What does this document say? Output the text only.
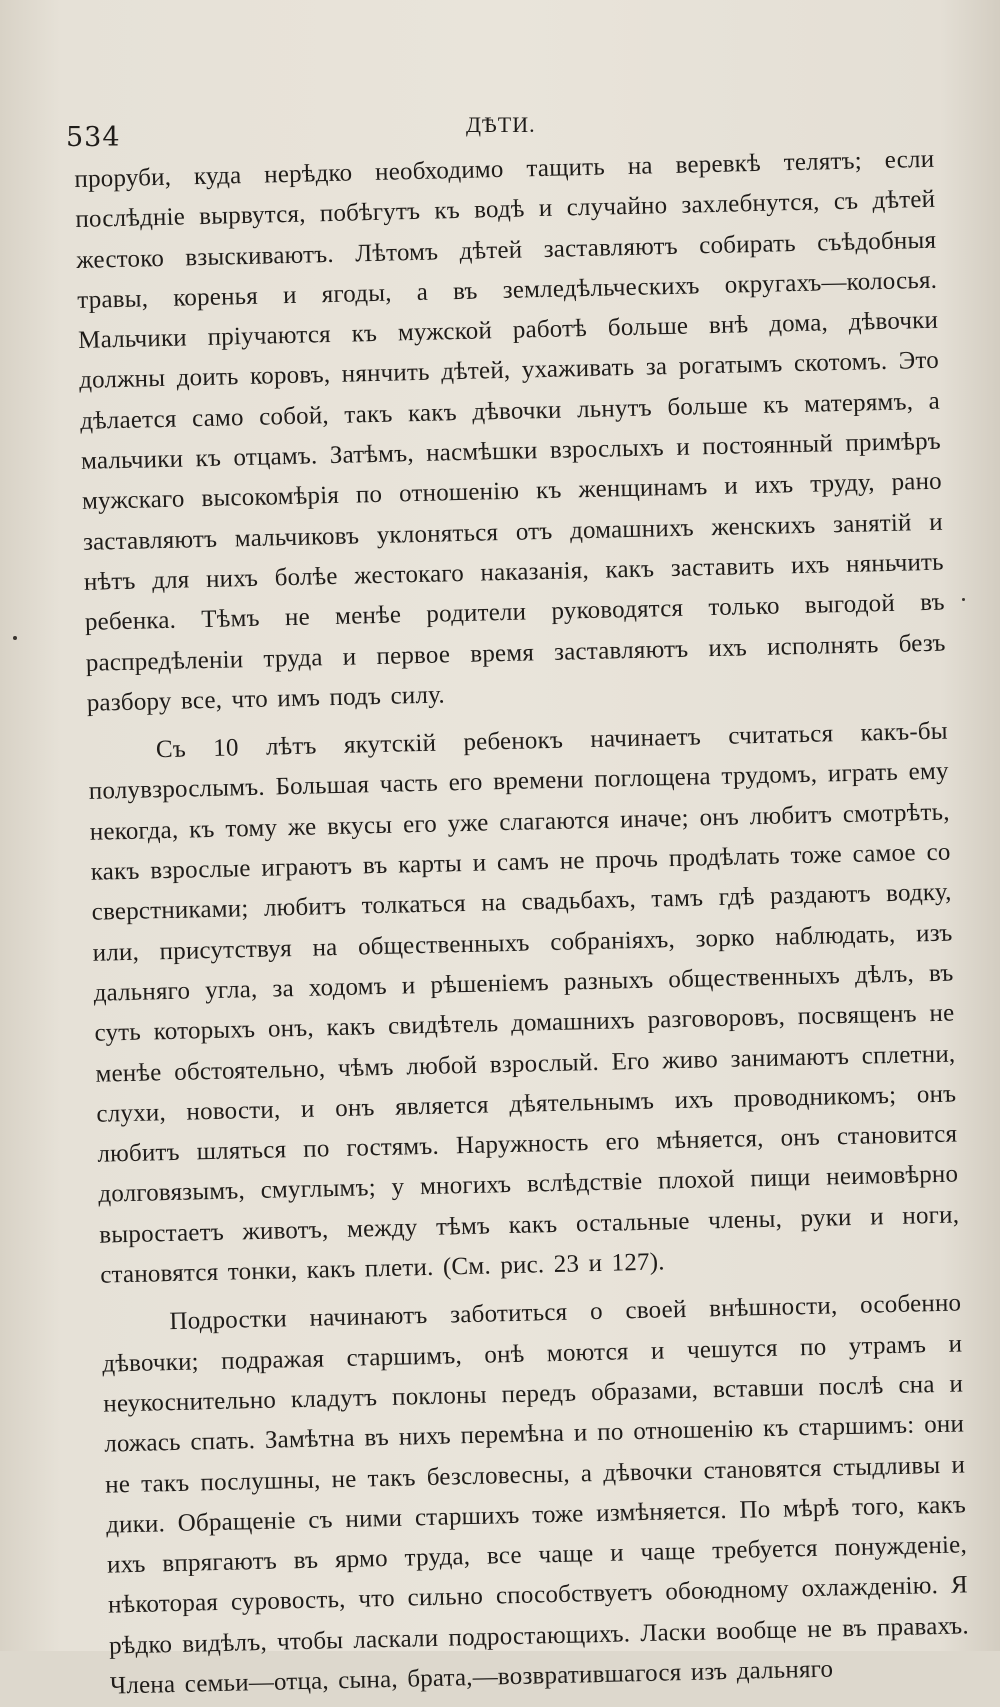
534	ДѢТИ.

проруби, куда нерѣдко необходимо тащить на веревкѣ телятъ; если послѣдніе вырвутся, побѣгутъ къ водѣ и случайно захлебнутся, съ дѣтей жестоко взыскиваютъ. Лѣтомъ дѣтей заставляютъ собирать съѣдобныя травы, коренья и ягоды, а въ земледѣльческихъ округахъ—колосья. Мальчики пріучаются къ мужской работѣ больше внѣ дома, дѣвочки должны доить коровъ, нянчить дѣтей, ухаживать за рогатымъ скотомъ. Это дѣлается само собой, такъ какъ дѣвочки льнутъ больше къ матерямъ, а мальчики къ отцамъ. Затѣмъ, насмѣшки взрослыхъ и постоянный примѣръ мужскаго высокомѣрія по отношенію къ женщинамъ и ихъ труду, рано заставляютъ мальчиковъ уклоняться отъ домашнихъ женскихъ занятій и нѣтъ для нихъ болѣе жестокаго наказанія, какъ заставить ихъ няньчить ребенка. Тѣмъ не менѣе родители руководятся только выгодой въ распредѣленіи труда и первое время заставляютъ ихъ исполнять безъ разбору все, что имъ подъ силу.

Съ 10 лѣтъ якутскій ребенокъ начинаетъ считаться какъ-бы полувзрослымъ. Большая часть его времени поглощена трудомъ, играть ему некогда, къ тому же вкусы его уже слагаются иначе; онъ любитъ смотрѣть, какъ взрослые играютъ въ карты и самъ не прочь продѣлать тоже самое со сверстниками; любитъ толкаться на свадьбахъ, тамъ гдѣ раздаютъ водку, или, присутствуя на общественныхъ собраніяхъ, зорко наблюдать, изъ дальняго угла, за ходомъ и рѣшеніемъ разныхъ общественныхъ дѣлъ, въ суть которыхъ онъ, какъ свидѣтель домашнихъ разговоровъ, посвященъ не менѣе обстоятельно, чѣмъ любой взрослый. Его живо занимаютъ сплетни, слухи, новости, и онъ является дѣятельнымъ ихъ проводникомъ; онъ любитъ шляться по гостямъ. Наружность его мѣняется, онъ становится долговязымъ, смуглымъ; у многихъ вслѣдствіе плохой пищи неимовѣрно выростаетъ животъ, между тѣмъ какъ остальные члены, руки и ноги, становятся тонки, какъ плети. (См. рис. 23 и 127).

Подростки начинаютъ заботиться о своей внѣшности, особенно дѣвочки; подражая старшимъ, онѣ моются и чешутся по утрамъ и неукоснительно кладутъ поклоны передъ образами, вставши послѣ сна и ложась спать. Замѣтна въ нихъ перемѣна и по отношенію къ старшимъ: они не такъ послушны, не такъ безсловесны, а дѣвочки становятся стыдливы и дики. Обращеніе съ ними старшихъ тоже измѣняется. По мѣрѣ того, какъ ихъ впрягаютъ въ ярмо труда, все чаще и чаще требуется понужденіе, нѣкоторая суровость, что сильно способствуетъ обоюдному охлажденію. Я рѣдко видѣлъ, чтобы ласкали подростающихъ. Ласки вообще не въ правахъ. Члена семьи—отца, сына, брата,—возвратившагося изъ дальняго
